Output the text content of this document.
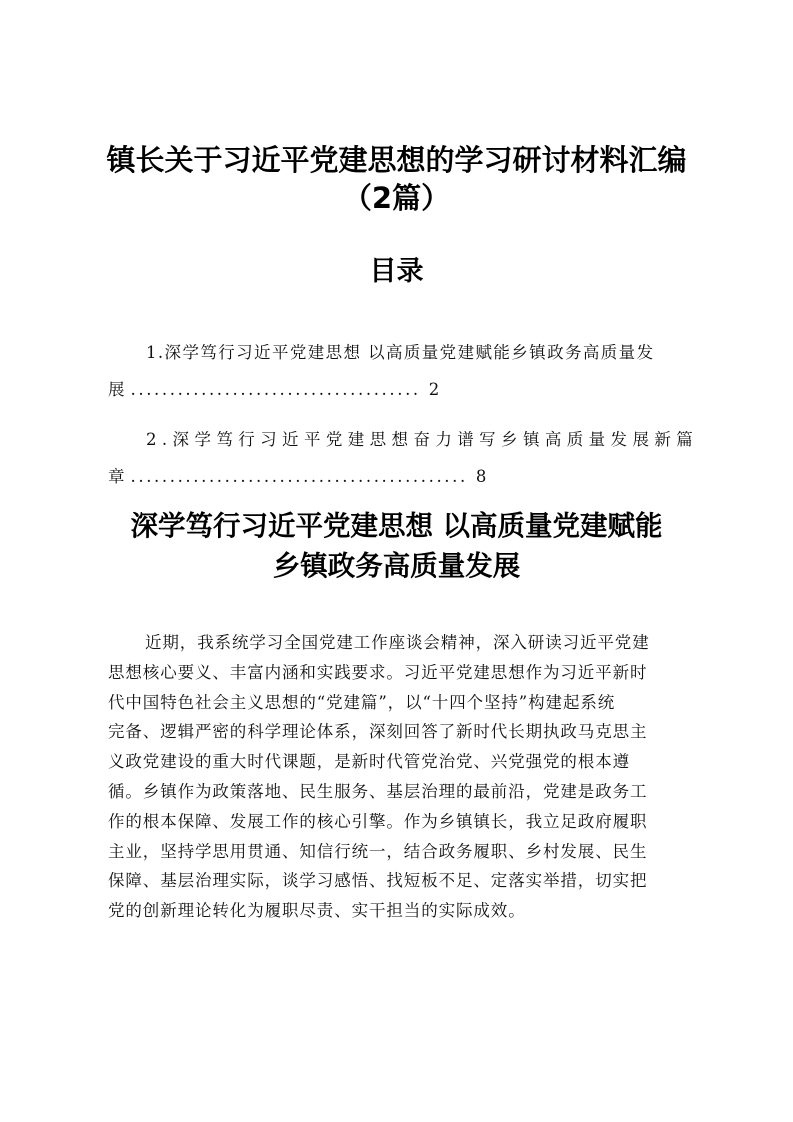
镇长关于习近平党建思想的学习研讨材料汇编
（2篇）
目录
1.深学笃行习近平党建思想 以高质量党建赋能乡镇政务高质量发
展 ..................................... 2
2.深学笃行习近平党建思想奋力谱写乡镇高质量发展新篇
章 ........................................... 8
深学笃行习近平党建思想 以高质量党建赋能
乡镇政务高质量发展

近期，我系统学习全国党建工作座谈会精神，深入研读习近平党建
思想核心要义、丰富内涵和实践要求。习近平党建思想作为习近平新时
代中国特色社会主义思想的“党建篇”，以“十四个坚持”构建起系统
完备、逻辑严密的科学理论体系，深刻回答了新时代长期执政马克思主
义政党建设的重大时代课题，是新时代管党治党、兴党强党的根本遵
循。乡镇作为政策落地、民生服务、基层治理的最前沿，党建是政务工
作的根本保障、发展工作的核心引擎。作为乡镇镇长，我立足政府履职
主业，坚持学思用贯通、知信行统一，结合政务履职、乡村发展、民生
保障、基层治理实际，谈学习感悟、找短板不足、定落实举措，切实把
党的创新理论转化为履职尽责、实干担当的实际成效。
